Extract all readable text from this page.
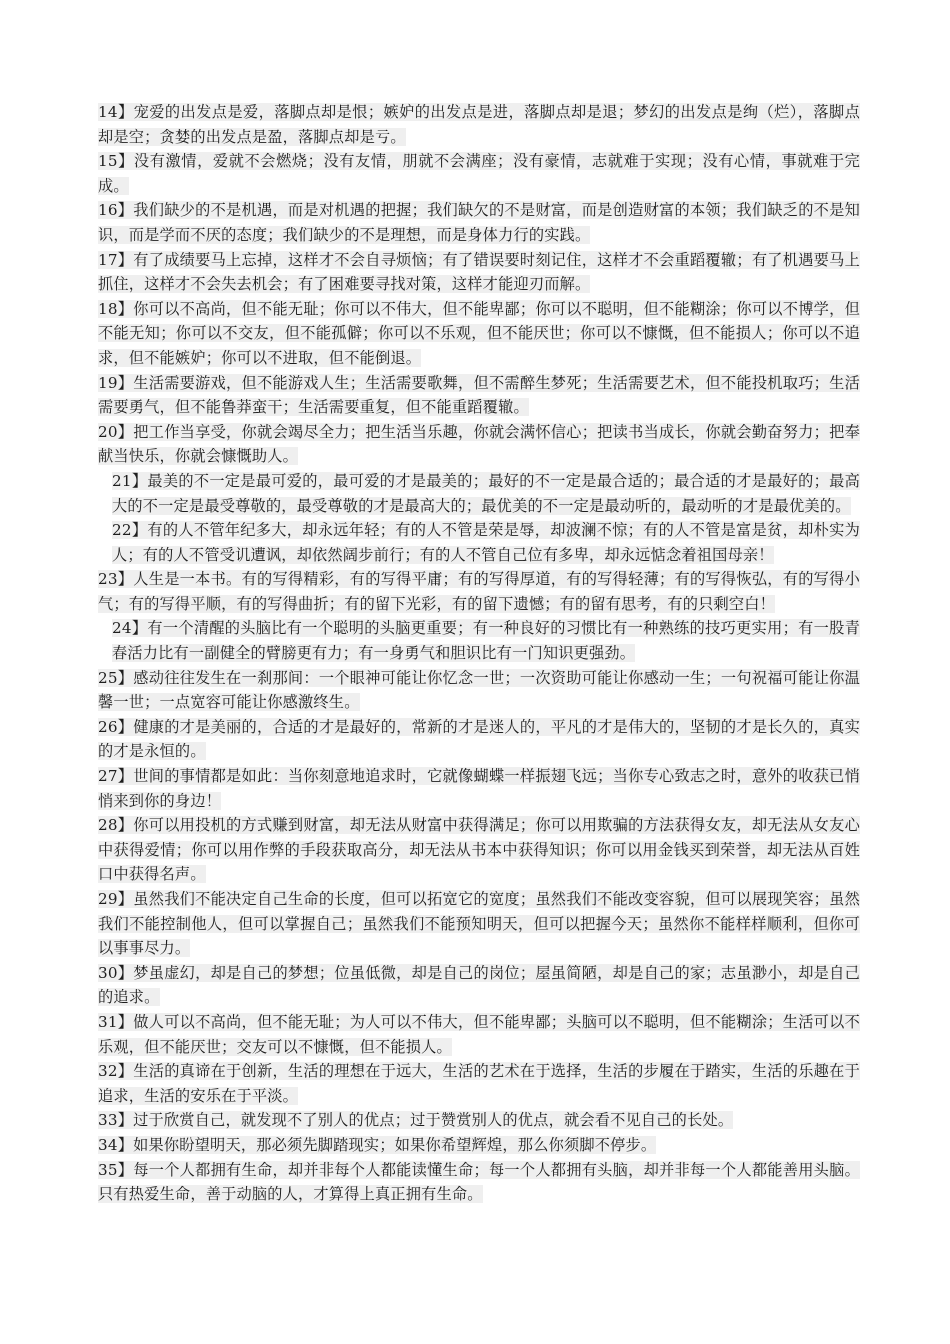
14】宠爱的出发点是爱，落脚点却是恨；嫉妒的出发点是进，落脚点却是退；梦幻的出发点是绚（烂），落脚点却是空；贪婪的出发点是盈，落脚点却是亏。

15】没有激情，爱就不会燃烧；没有友情，朋就不会满座；没有豪情，志就难于实现；没有心情，事就难于完成。

16】我们缺少的不是机遇，而是对机遇的把握；我们缺欠的不是财富，而是创造财富的本领；我们缺乏的不是知识，而是学而不厌的态度；我们缺少的不是理想，而是身体力行的实践。

17】有了成绩要马上忘掉，这样才不会自寻烦恼；有了错误要时刻记住，这样才不会重蹈覆辙；有了机遇要马上抓住，这样才不会失去机会；有了困难要寻找对策，这样才能迎刃而解。

18】你可以不高尚，但不能无耻；你可以不伟大，但不能卑鄙；你可以不聪明，但不能糊涂；你可以不博学，但不能无知；你可以不交友，但不能孤僻；你可以不乐观，但不能厌世；你可以不慷慨，但不能损人；你可以不追求，但不能嫉妒；你可以不进取，但不能倒退。

19】生活需要游戏，但不能游戏人生；生活需要歌舞，但不需醉生梦死；生活需要艺术，但不能投机取巧；生活需要勇气，但不能鲁莽蛮干；生活需要重复，但不能重蹈覆辙。

20】把工作当享受，你就会竭尽全力；把生活当乐趣，你就会满怀信心；把读书当成长，你就会勤奋努力；把奉献当快乐，你就会慷慨助人。

21】最美的不一定是最可爱的，最可爱的才是最美的；最好的不一定是最合适的；最合适的才是最好的；最高大的不一定是最受尊敬的，最受尊敬的才是最高大的；最优美的不一定是最动听的，最动听的才是最优美的。

22】有的人不管年纪多大，却永远年轻；有的人不管是荣是辱，却波澜不惊；有的人不管是富是贫，却朴实为人；有的人不管受讥遭讽，却依然阔步前行；有的人不管自己位有多卑，却永远惦念着祖国母亲！

23】人生是一本书。有的写得精彩，有的写得平庸；有的写得厚道，有的写得轻薄；有的写得恢弘，有的写得小气；有的写得平顺，有的写得曲折；有的留下光彩，有的留下遗憾；有的留有思考，有的只剩空白！

24】有一个清醒的头脑比有一个聪明的头脑更重要；有一种良好的习惯比有一种熟练的技巧更实用；有一股青春活力比有一副健全的臂膀更有力；有一身勇气和胆识比有一门知识更强劲。

25】感动往往发生在一刹那间：一个眼神可能让你忆念一世；一次资助可能让你感动一生；一句祝福可能让你温馨一世；一点宽容可能让你感激终生。

26】健康的才是美丽的，合适的才是最好的，常新的才是迷人的，平凡的才是伟大的，坚韧的才是长久的，真实的才是永恒的。

27】世间的事情都是如此：当你刻意地追求时，它就像蝴蝶一样振翅飞远；当你专心致志之时，意外的收获已悄悄来到你的身边！

28】你可以用投机的方式赚到财富，却无法从财富中获得满足；你可以用欺骗的方法获得女友，却无法从女友心中获得爱情；你可以用作弊的手段获取高分，却无法从书本中获得知识；你可以用金钱买到荣誉，却无法从百姓口中获得名声。

29】虽然我们不能决定自己生命的长度，但可以拓宽它的宽度；虽然我们不能改变容貌，但可以展现笑容；虽然我们不能控制他人，但可以掌握自己；虽然我们不能预知明天，但可以把握今天；虽然你不能样样顺利，但你可以事事尽力。

30】梦虽虚幻，却是自己的梦想；位虽低微，却是自己的岗位；屋虽简陋，却是自己的家；志虽渺小，却是自己的追求。

31】做人可以不高尚，但不能无耻；为人可以不伟大，但不能卑鄙；头脑可以不聪明，但不能糊涂；生活可以不乐观，但不能厌世；交友可以不慷慨，但不能损人。

32】生活的真谛在于创新，生活的理想在于远大，生活的艺术在于选择，生活的步履在于踏实，生活的乐趣在于追求，生活的安乐在于平淡。

33】过于欣赏自己，就发现不了别人的优点；过于赞赏别人的优点，就会看不见自己的长处。

34】如果你盼望明天，那必须先脚踏现实；如果你希望辉煌，那么你须脚不停步。

35】每一个人都拥有生命，却并非每个人都能读懂生命；每一个人都拥有头脑，却并非每一个人都能善用头脑。只有热爱生命，善于动脑的人，才算得上真正拥有生命。
